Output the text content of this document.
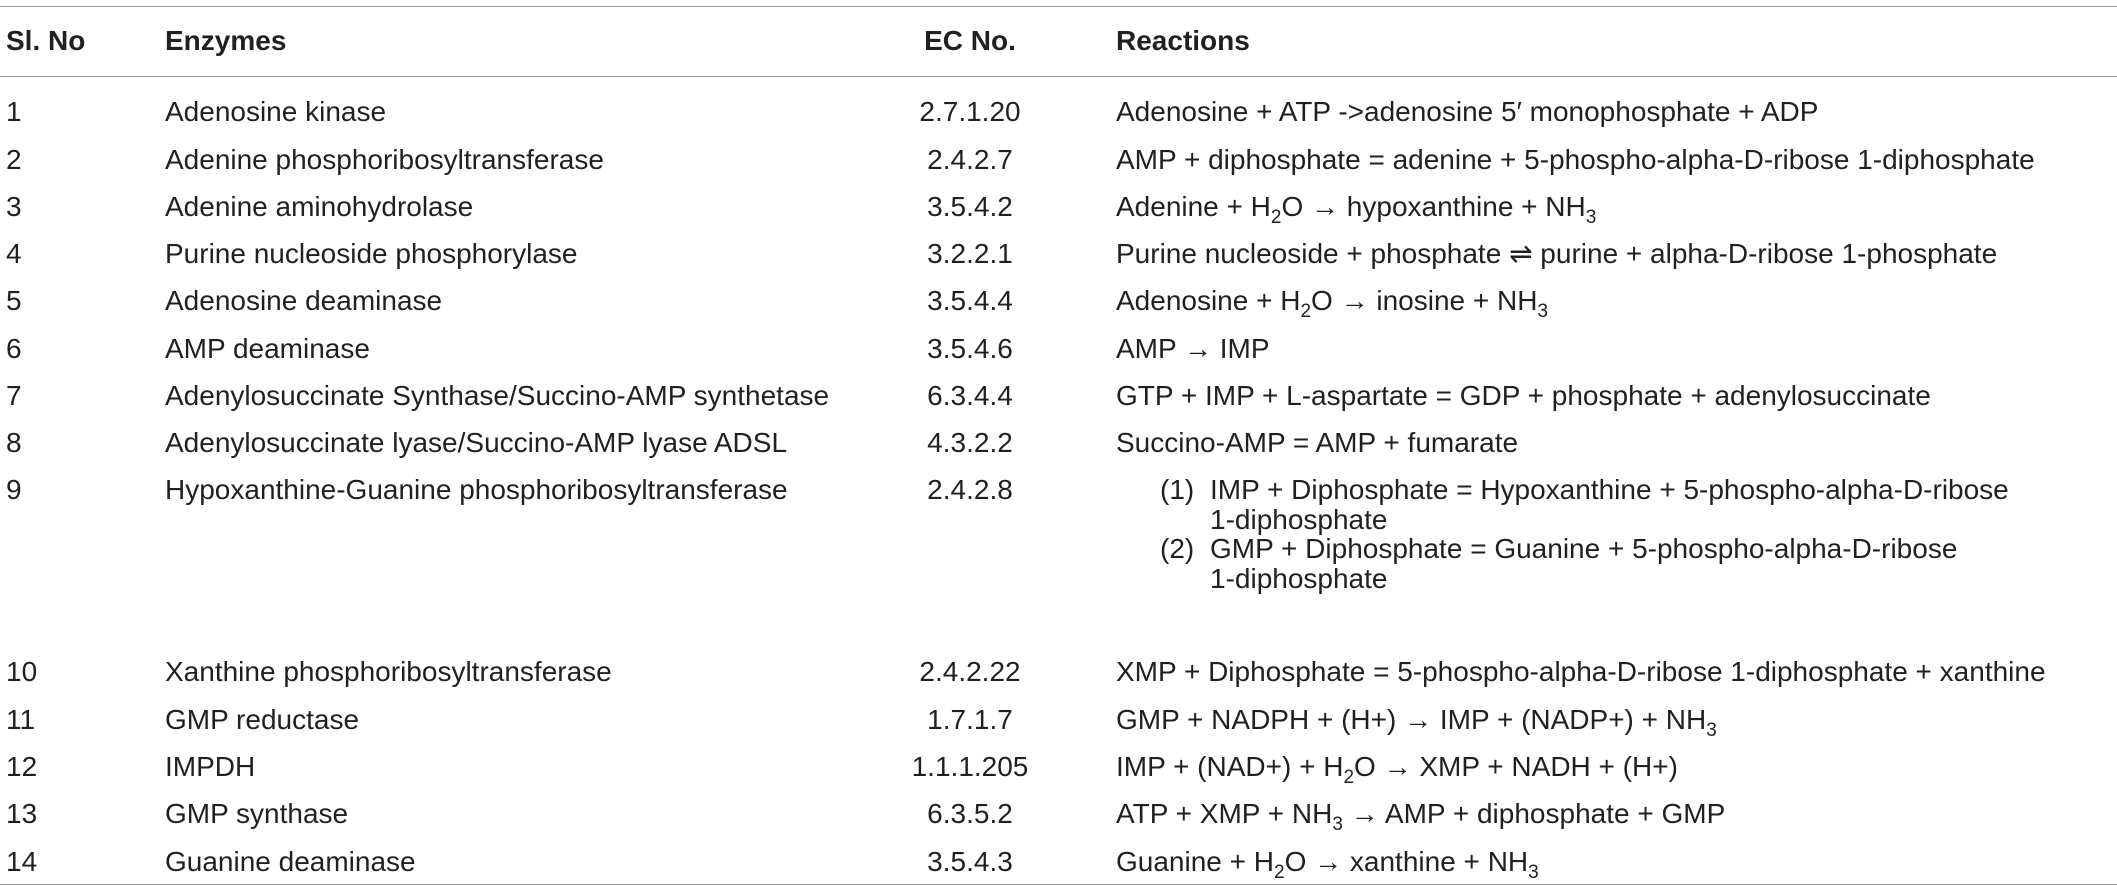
Sl. No	Enzymes	EC No.	Reactions
1	Adenosine kinase	2.7.1.20	Adenosine + ATP ->adenosine 5′ monophosphate + ADP
2	Adenine phosphoribosyltransferase	2.4.2.7	AMP + diphosphate = adenine + 5-phospho-alpha-D-ribose 1-diphosphate
3	Adenine aminohydrolase	3.5.4.2	Adenine + $H_2O$ → hypoxanthine + $NH_3$
4	Purine nucleoside phosphorylase	3.2.2.1	Purine nucleoside + phosphate ⇌ purine + alpha-D-ribose 1-phosphate
5	Adenosine deaminase	3.5.4.4	Adenosine + $H_2O \to inosine + NH_3$
6	AMP deaminase	3.5.4.6	AMP → IMP
7	Adenylosuccinate Synthase/Succino-AMP synthetase	6.3.4.4	GTP + IMP + L-aspartate = GDP + phosphate + adenylosuccinate
8	Adenylosuccinate lyase/Succino-AMP lyase ADSL	4.3.2.2	Succino-AMP = AMP + fumarate
9	Hypoxanthine-Guanine phosphoribosyltransferase	2.4.2.8	(1) IMP + Diphosphate = Hypoxanthine + 5-phospho-alpha-D-ribose
1-diphosphate
(2) GMP + Diphosphate = Guanine + 5-phospho-alpha-D-ribose
1-diphosphate
10	Xanthine phosphoribosyltransferase	2.4.2.22	XMP + Diphosphate = 5-phospho-alpha-D-ribose 1-diphosphate + xanthine
11	GMP reductase	1.7.1.7	GMP + NADPH + (H+) → IMP + (NADP+) + $NH_3$
12	IMPDH	1.1.1.205	IMP + $(NAD+) + H_2O$ → XMP + NADH + (H+)
13	GMP synthase	6.3.5.2	ATP + XMP + $NH_3$ → AMP + diphosphate + GMP
14	Guanine deaminase	3.5.4.3	Guanine + $H_2O$ → xanthine + $NH_3$
